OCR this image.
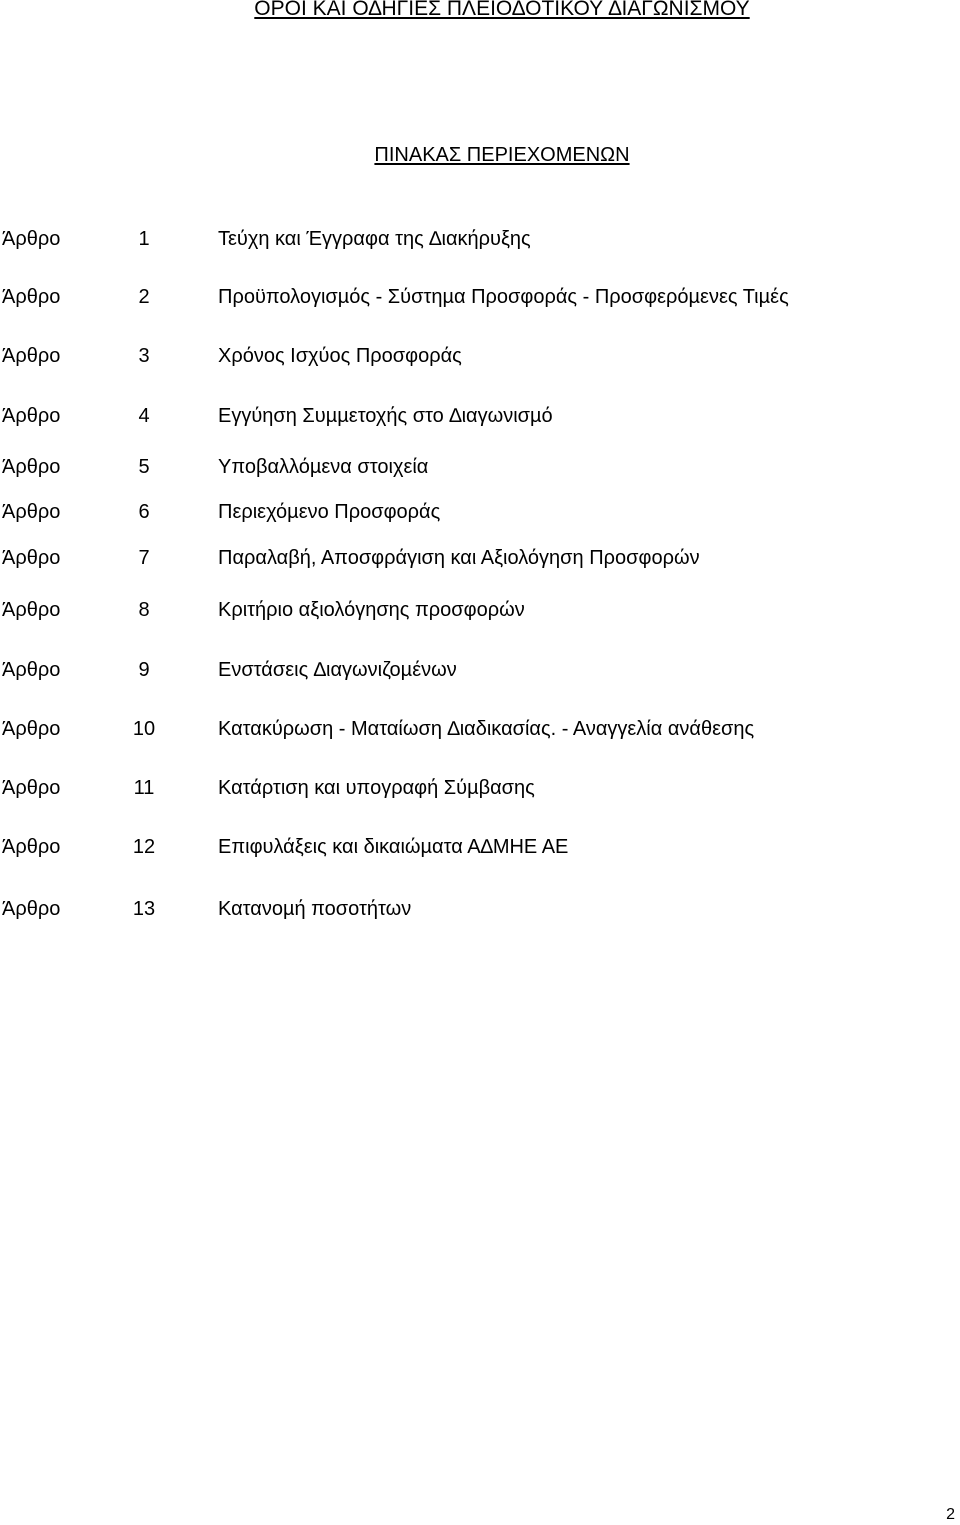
ΟΡΟΙ ΚΑΙ Ο∆ΗΓΙΕΣ ΠΛΕΙΟ∆ΟΤΙΚΟΥ ∆ΙΑΓΩΝΙΣΜΟΥ
ΠΙΝΑΚΑΣ ΠΕΡΙΕΧΟΜΕΝΩΝ
Άρθρο	1	Τεύχη και Έγγραφα της ∆ιακήρυξης
Άρθρο	2	Προϋπολογισµός - Σύστηµα Προσφοράς - Προσφερόµενες Τιµές
Άρθρο	3	Χρόνος Ισχύος Προσφοράς
Άρθρο	4	Εγγύηση Συµµετοχής στο ∆ιαγωνισµό
Άρθρο	5	Υποβαλλόµενα στοιχεία
Άρθρο	6	Περιεχόµενο Προσφοράς
Άρθρο	7	Παραλαβή, Αποσφράγιση και Αξιολόγηση Προσφορών
Άρθρο	8	Κριτήριο αξιολόγησης προσφορών
Άρθρο	9	Ενστάσεις ∆ιαγωνιζοµένων
Άρθρο	10	Κατακύρωση - Ματαίωση ∆ιαδικασίας. - Αναγγελία ανάθεσης
Άρθρο	11	Κατάρτιση και υπογραφή Σύµβασης
Άρθρο	12	Επιφυλάξεις και δικαιώµατα Α∆ΜΗΕ ΑΕ
Άρθρο	13	Κατανοµή ποσοτήτων
2
